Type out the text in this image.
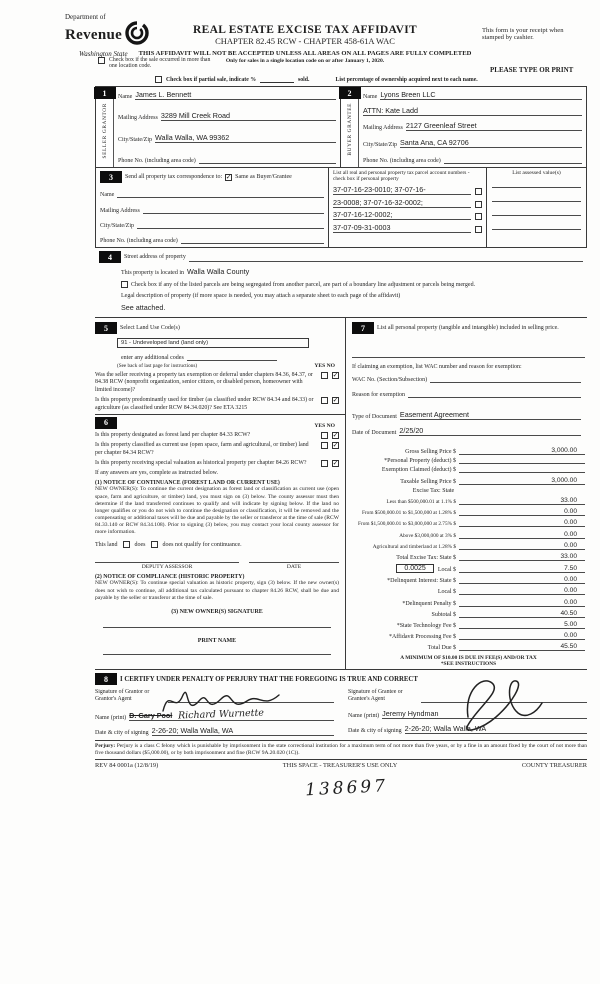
Department of
Revenue
Washington State
REAL ESTATE EXCISE TAX AFFIDAVIT
CHAPTER 82.45 RCW - CHAPTER 458-61A WAC
THIS AFFIDAVIT WILL NOT BE ACCEPTED UNLESS ALL AREAS ON ALL PAGES ARE FULLY COMPLETED
Only for sales in a single location code on or after January 1, 2020.
This form is your receipt when stamped by cashier.
PLEASE TYPE OR PRINT
Check box if the sale occurred in more than one location code.
Check box if partial sale, indicate %	sold.	List percentage of ownership acquired next to each name.
1
SELLER GRANTOR
Name James L. Bennett
Mailing Address 3289 Mill Creek Road
City/State/Zip Walla Walla, WA 99362
Phone No. (including area code)
2
BUYER GRANTEE
Name Lyons Breen LLC
ATTN: Kate Ladd
Mailing Address 2127 Greenleaf Street
City/State/Zip Santa Ana, CA 92706
Phone No. (including area code)
3	Send all property tax correspondence to: ✓ Same as Buyer/Grantee
Name
Mailing Address
City/State/Zip
Phone No. (including area code)
List all real and personal property tax parcel account numbers - check box if personal property
37-07-16-23-0010; 37-07-16-
23-0008; 37-07-16-32-0002;
37-07-16-12-0002;
37-07-09-31-0003
List assessed value(s)
4	Street address of property
This property is located in Walla Walla County
Check box if any of the listed parcels are being segregated from another parcel, are part of a boundary line adjustment or parcels being merged.
Legal description of property (if more space is needed, you may attach a separate sheet to each page of the affidavit)
See attached.
5	Select Land Use Code(s)
91 - Undeveloped land (land only)
enter any additional codes
(See back of last page for instructions)	YES NO
Was the seller receiving a property tax exemption or deferral under chapters 84.36, 84.37, or 84.38 RCW (nonprofit organization, senior citizen, or disabled person, homeowner with limited income)?
✓
Is this property predominantly used for timber (as classified under RCW 84.34 and 84.33) or agriculture (as classified under RCW 84.34.020)? See ETA 3215
✓
6	YES NO
Is this property designated as forest land per chapter 84.33 RCW?	✓
Is this property classified as current use (open space, farm and agricultural, or timber) land per chapter 84.34 RCW?
✓
Is this property receiving special valuation as historical property per chapter 84.26 RCW?	✓
If any answers are yes, complete as instructed below.
(1) NOTICE OF CONTINUANCE (FOREST LAND OR CURRENT USE)
NEW OWNER(S): To continue the current designation as forest land or classification as current use (open space, farm and agriculture, or timber) land, you must sign on (3) below. The county assessor must then determine if the land transferred continues to qualify and will indicate by signing below. If the land no longer qualifies or you do not wish to continue the designation or classification, it will be removed and the compensating or additional taxes will be due and payable by the seller or transferor at the time of sale (RCW 84.33.140 or RCW 84.34.108). Prior to signing (3) below, you may contact your local county assessor for more information.
This land	does	does not qualify for continuance.
DEPUTY ASSESSOR	DATE
(2) NOTICE OF COMPLIANCE (HISTORIC PROPERTY)
NEW OWNER(S): To continue special valuation as historic property, sign (3) below. If the new owner(s) does not wish to continue, all additional tax calculated pursuant to chapter 84.26 RCW, shall be due and payable by the seller or transferor at the time of sale.
(3) NEW OWNER(S) SIGNATURE
PRINT NAME
7	List all personal property (tangible and intangible) included in selling price.
If claiming an exemption, list WAC number and reason for exemption:
WAC No. (Section/Subsection)
Reason for exemption
Type of Document Easement Agreement
Date of Document 2/25/20
Gross Selling Price $	3,000.00
*Personal Property (deduct) $
Exemption Claimed (deduct) $
Taxable Selling Price $	3,000.00
Excise Tax: State
Less than $500,000.01 at 1.1% $	33.00
From $500,000.01 to $1,500,000 at 1.28% $	0.00
From $1,500,000.01 to $3,000,000 at 2.75% $	0.00
Above $3,000,000 at 3% $	0.00
Agricultural and timberland at 1.28% $	0.00
Total Excise Tax: State $	33.00
0.0025	Local $	7.50
*Delinquent Interest: State $	0.00
Local $	0.00
*Delinquent Penalty $	0.00
Subtotal $	40.50
*State Technology Fee $	5.00
*Affidavit Processing Fee $	0.00
Total Due $	45.50
A MINIMUM OF $10.00 IS DUE IN FEE(S) AND/OR TAX
*SEE INSTRUCTIONS
8	I CERTIFY UNDER PENALTY OF PERJURY THAT THE FOREGOING IS TRUE AND CORRECT
Signature of Grantor or Grantor's Agent
Name (print) D. Gary Pool Richard Wurnette
Date & city of signing 2-26-20; Walla Walla, WA
Signature of Grantee or Grantee's Agent
Name (print) Jeremy Hyndman
Date & city of signing 2-26-20; Walla Walla, WA
Perjury: Perjury is a class C felony which is punishable by imprisonment in the state correctional institution for a maximum term of not more than five years, or by a fine in an amount fixed by the court of not more than five thousand dollars ($5,000.00), or by both imprisonment and fine (RCW 9A.20.020 (1C)).
REV 84 0001a (12/8/19)	THIS SPACE - TREASURER'S USE ONLY	COUNTY TREASURER
138697
